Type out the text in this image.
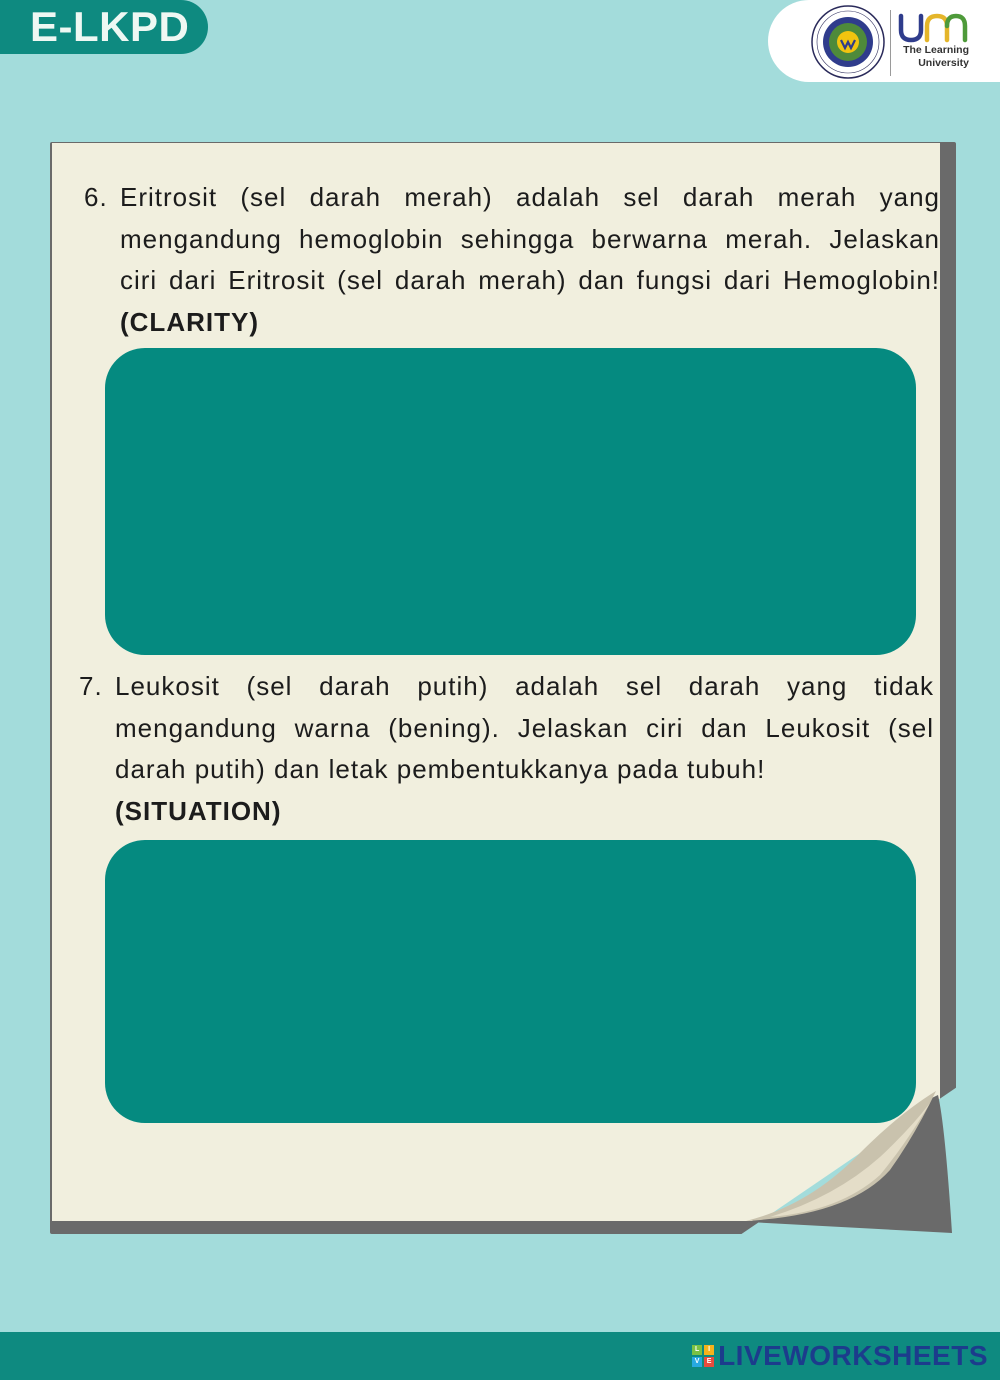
E-LKPD	The Learning
University
6. Eritrosit (sel darah merah) adalah sel darah merah yang mengandung hemoglobin sehingga berwarna merah. Jelaskan ciri dari Eritrosit (sel darah merah) dan fungsi dari Hemoglobin! (CLARITY)
7. Leukosit (sel darah putih) adalah sel darah yang tidak mengandung warna (bening). Jelaskan ciri dan Leukosit (sel darah putih) dan letak pembentukkanya pada tubuh!
(SITUATION)
L	I
V	E LIVEWORKSHEETS
